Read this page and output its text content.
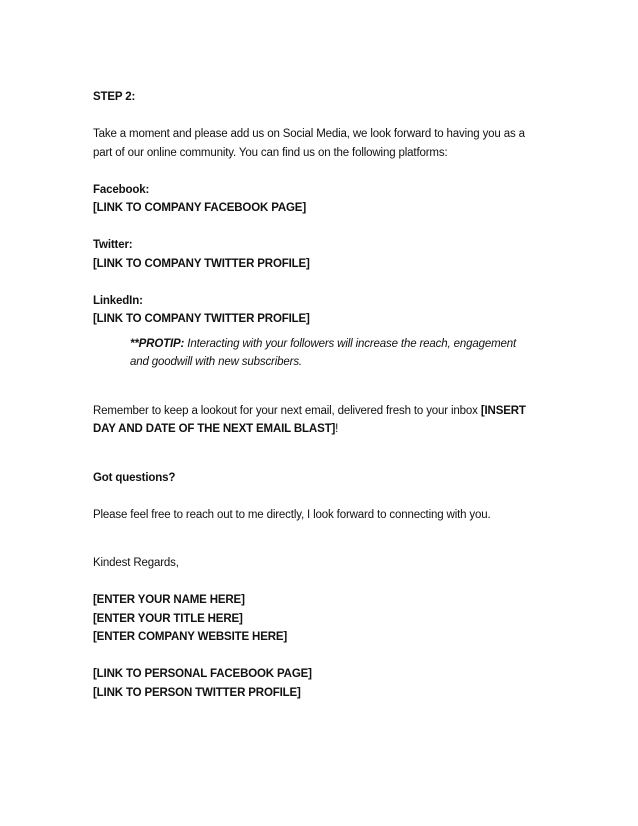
STEP 2:
Take a moment and please add us on Social Media, we look forward to having you as a
part of our online community. You can find us on the following platforms:
Facebook:
[LINK TO COMPANY FACEBOOK PAGE]
Twitter:
[LINK TO COMPANY TWITTER PROFILE]
LinkedIn:
[LINK TO COMPANY TWITTER PROFILE]
**PROTIP: Interacting with your followers will increase the reach, engagement
and goodwill with new subscribers.
Remember to keep a lookout for your next email, delivered fresh to your inbox [INSERT
DAY AND DATE OF THE NEXT EMAIL BLAST]!
Got questions?
Please feel free to reach out to me directly, I look forward to connecting with you.
Kindest Regards,
[ENTER YOUR NAME HERE]
[ENTER YOUR TITLE HERE]
[ENTER COMPANY WEBSITE HERE]
[LINK TO PERSONAL FACEBOOK PAGE]
[LINK TO PERSON TWITTER PROFILE]
